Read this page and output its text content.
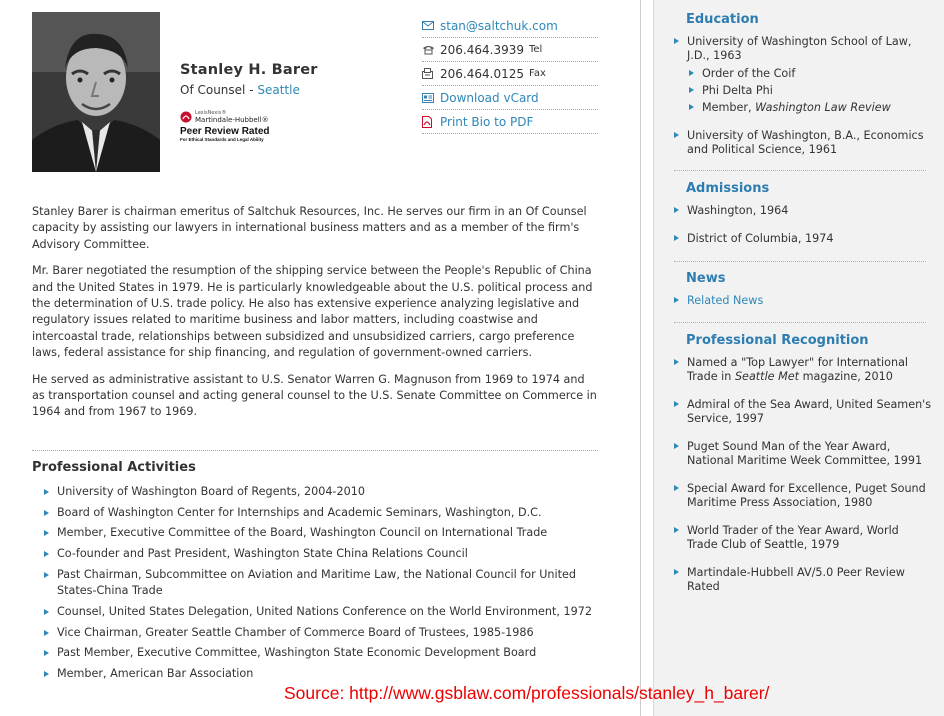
Stanley H. Barer
Of Counsel - Seattle
LexisNexis®
Martindale-Hubbell®
Peer Review Rated
For Ethical Standards and Legal Ability
stan@saltchuk.com
206.464.3939 Tel
206.464.0125 Fax
Download vCard
Print Bio to PDF

Stanley Barer is chairman emeritus of Saltchuk Resources, Inc. He serves our firm in an Of Counsel capacity by assisting our lawyers in international business matters and as a member of the firm's Advisory Committee.

Mr. Barer negotiated the resumption of the shipping service between the People's Republic of China and the United States in 1979. He is particularly knowledgeable about the U.S. political process and the determination of U.S. trade policy. He also has extensive experience analyzing legislative and regulatory issues related to maritime business and labor matters, including coastwise and intercoastal trade, relationships between subsidized and unsubsidized carriers, cargo preference laws, federal assistance for ship financing, and regulation of government-owned carriers.

He served as administrative assistant to U.S. Senator Warren G. Magnuson from 1969 to 1974 and as transportation counsel and acting general counsel to the U.S. Senate Committee on Commerce in 1964 and from 1967 to 1969.

Professional Activities
University of Washington Board of Regents, 2004-2010
Board of Washington Center for Internships and Academic Seminars, Washington, D.C.
Member, Executive Committee of the Board, Washington Council on International Trade
Co-founder and Past President, Washington State China Relations Council
Past Chairman, Subcommittee on Aviation and Maritime Law, the National Council for United States-China Trade
Counsel, United States Delegation, United Nations Conference on the World Environment, 1972
Vice Chairman, Greater Seattle Chamber of Commerce Board of Trustees, 1985-1986
Past Member, Executive Committee, Washington State Economic Development Board
Member, American Bar Association
Education
University of Washington School of Law, J.D., 1963
Order of the Coif
Phi Delta Phi
Member, Washington Law Review
University of Washington, B.A., Economics and Political Science, 1961
Admissions
Washington, 1964
District of Columbia, 1974
News
Related News
Professional Recognition
Named a "Top Lawyer" for International Trade in Seattle Met magazine, 2010
Admiral of the Sea Award, United Seamen's Service, 1997
Puget Sound Man of the Year Award, National Maritime Week Committee, 1991
Special Award for Excellence, Puget Sound Maritime Press Association, 1980
World Trader of the Year Award, World Trade Club of Seattle, 1979
Martindale-Hubbell AV/5.0 Peer Review Rated
Source: http://www.gsblaw.com/professionals/stanley_h_barer/
